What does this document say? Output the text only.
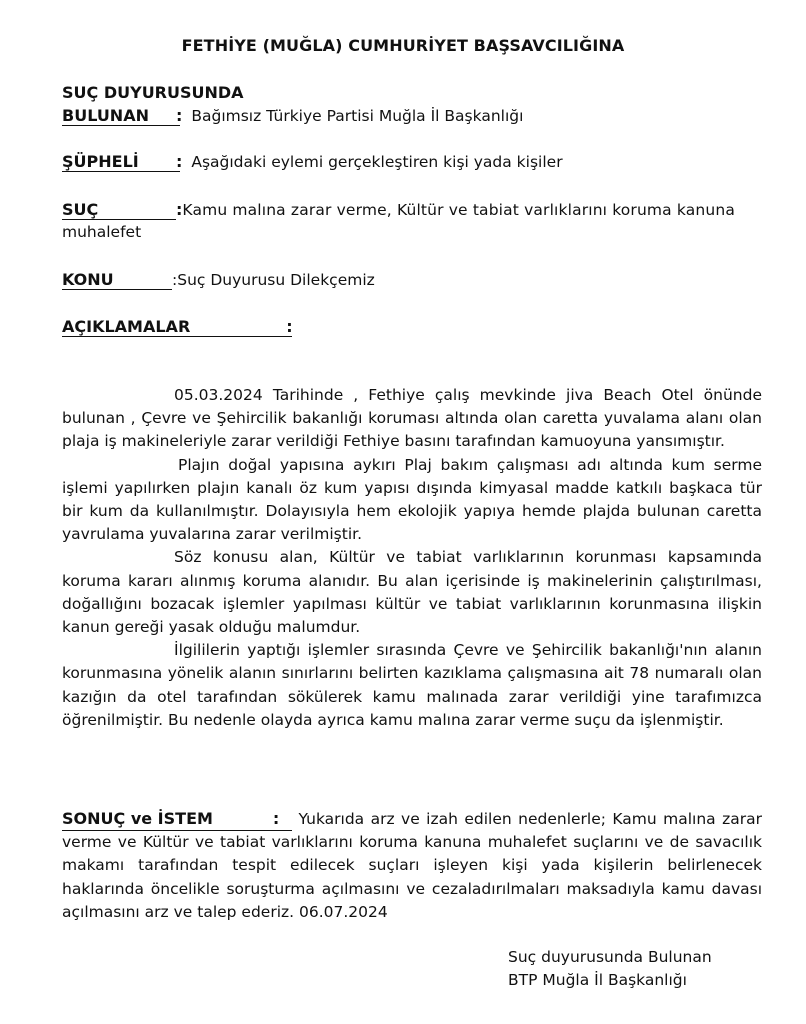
FETHİYE (MUĞLA) CUMHURİYET BAŞSAVCILIĞINA
SUÇ DUYURUSUNDA
BULUNAN : Bağımsız Türkiye Partisi Muğla İl Başkanlığı
ŞÜPHELİ : Aşağıdaki eylemi gerçekleştiren kişi yada kişiler
SUÇ	:Kamu malına zarar verme, Kültür ve tabiat varlıklarını koruma kanuna
muhalefet
KONU	:Suç Duyurusu Dilekçemiz
AÇIKLAMALAR	:

05.03.2024 Tarihinde , Fethiye çalış mevkinde jiva Beach Otel önünde bulunan , Çevre ve Şehircilik bakanlığı koruması altında olan caretta yuvalama alanı olan plaja iş makineleriyle zarar verildiği Fethiye basını tarafından kamuoyuna yansımıştır.

Plajın doğal yapısına aykırı Plaj bakım çalışması adı altında kum serme işlemi yapılırken plajın kanalı öz kum yapısı dışında kimyasal madde katkılı başkaca tür bir kum da kullanılmıştır. Dolayısıyla hem ekolojik yapıya hemde plajda bulunan caretta yavrulama yuvalarına zarar verilmiştir.

Söz konusu alan, Kültür ve tabiat varlıklarının korunması kapsamında koruma kararı alınmış koruma alanıdır. Bu alan içerisinde iş makinelerinin çalıştırılması, doğallığını bozacak işlemler yapılması kültür ve tabiat varlıklarının korunmasına ilişkin kanun gereği yasak olduğu malumdur.

İlgililerin yaptığı işlemler sırasında Çevre ve Şehircilik bakanlığı'nın alanın korunmasına yönelik alanın sınırlarını belirten kazıklama çalışmasına ait 78 numaralı olan kazığın da otel tarafından sökülerek kamu malınada zarar verildiği yine tarafımızca öğrenilmiştir. Bu nedenle olayda ayrıca kamu malına zarar verme suçu da işlenmiştir.

SONUÇ ve İSTEM	: Yukarıda arz ve izah edilen nedenlerle; Kamu malına zarar verme ve Kültür ve tabiat varlıklarını koruma kanuna muhalefet suçlarını ve de savacılık makamı tarafından tespit edilecek suçları işleyen kişi yada kişilerin belirlenecek haklarında öncelikle soruşturma açılmasını ve cezaladırılmaları maksadıyla kamu davası açılmasını arz ve talep ederiz. 06.07.2024

Suç duyurusunda Bulunan
BTP Muğla İl Başkanlığı
